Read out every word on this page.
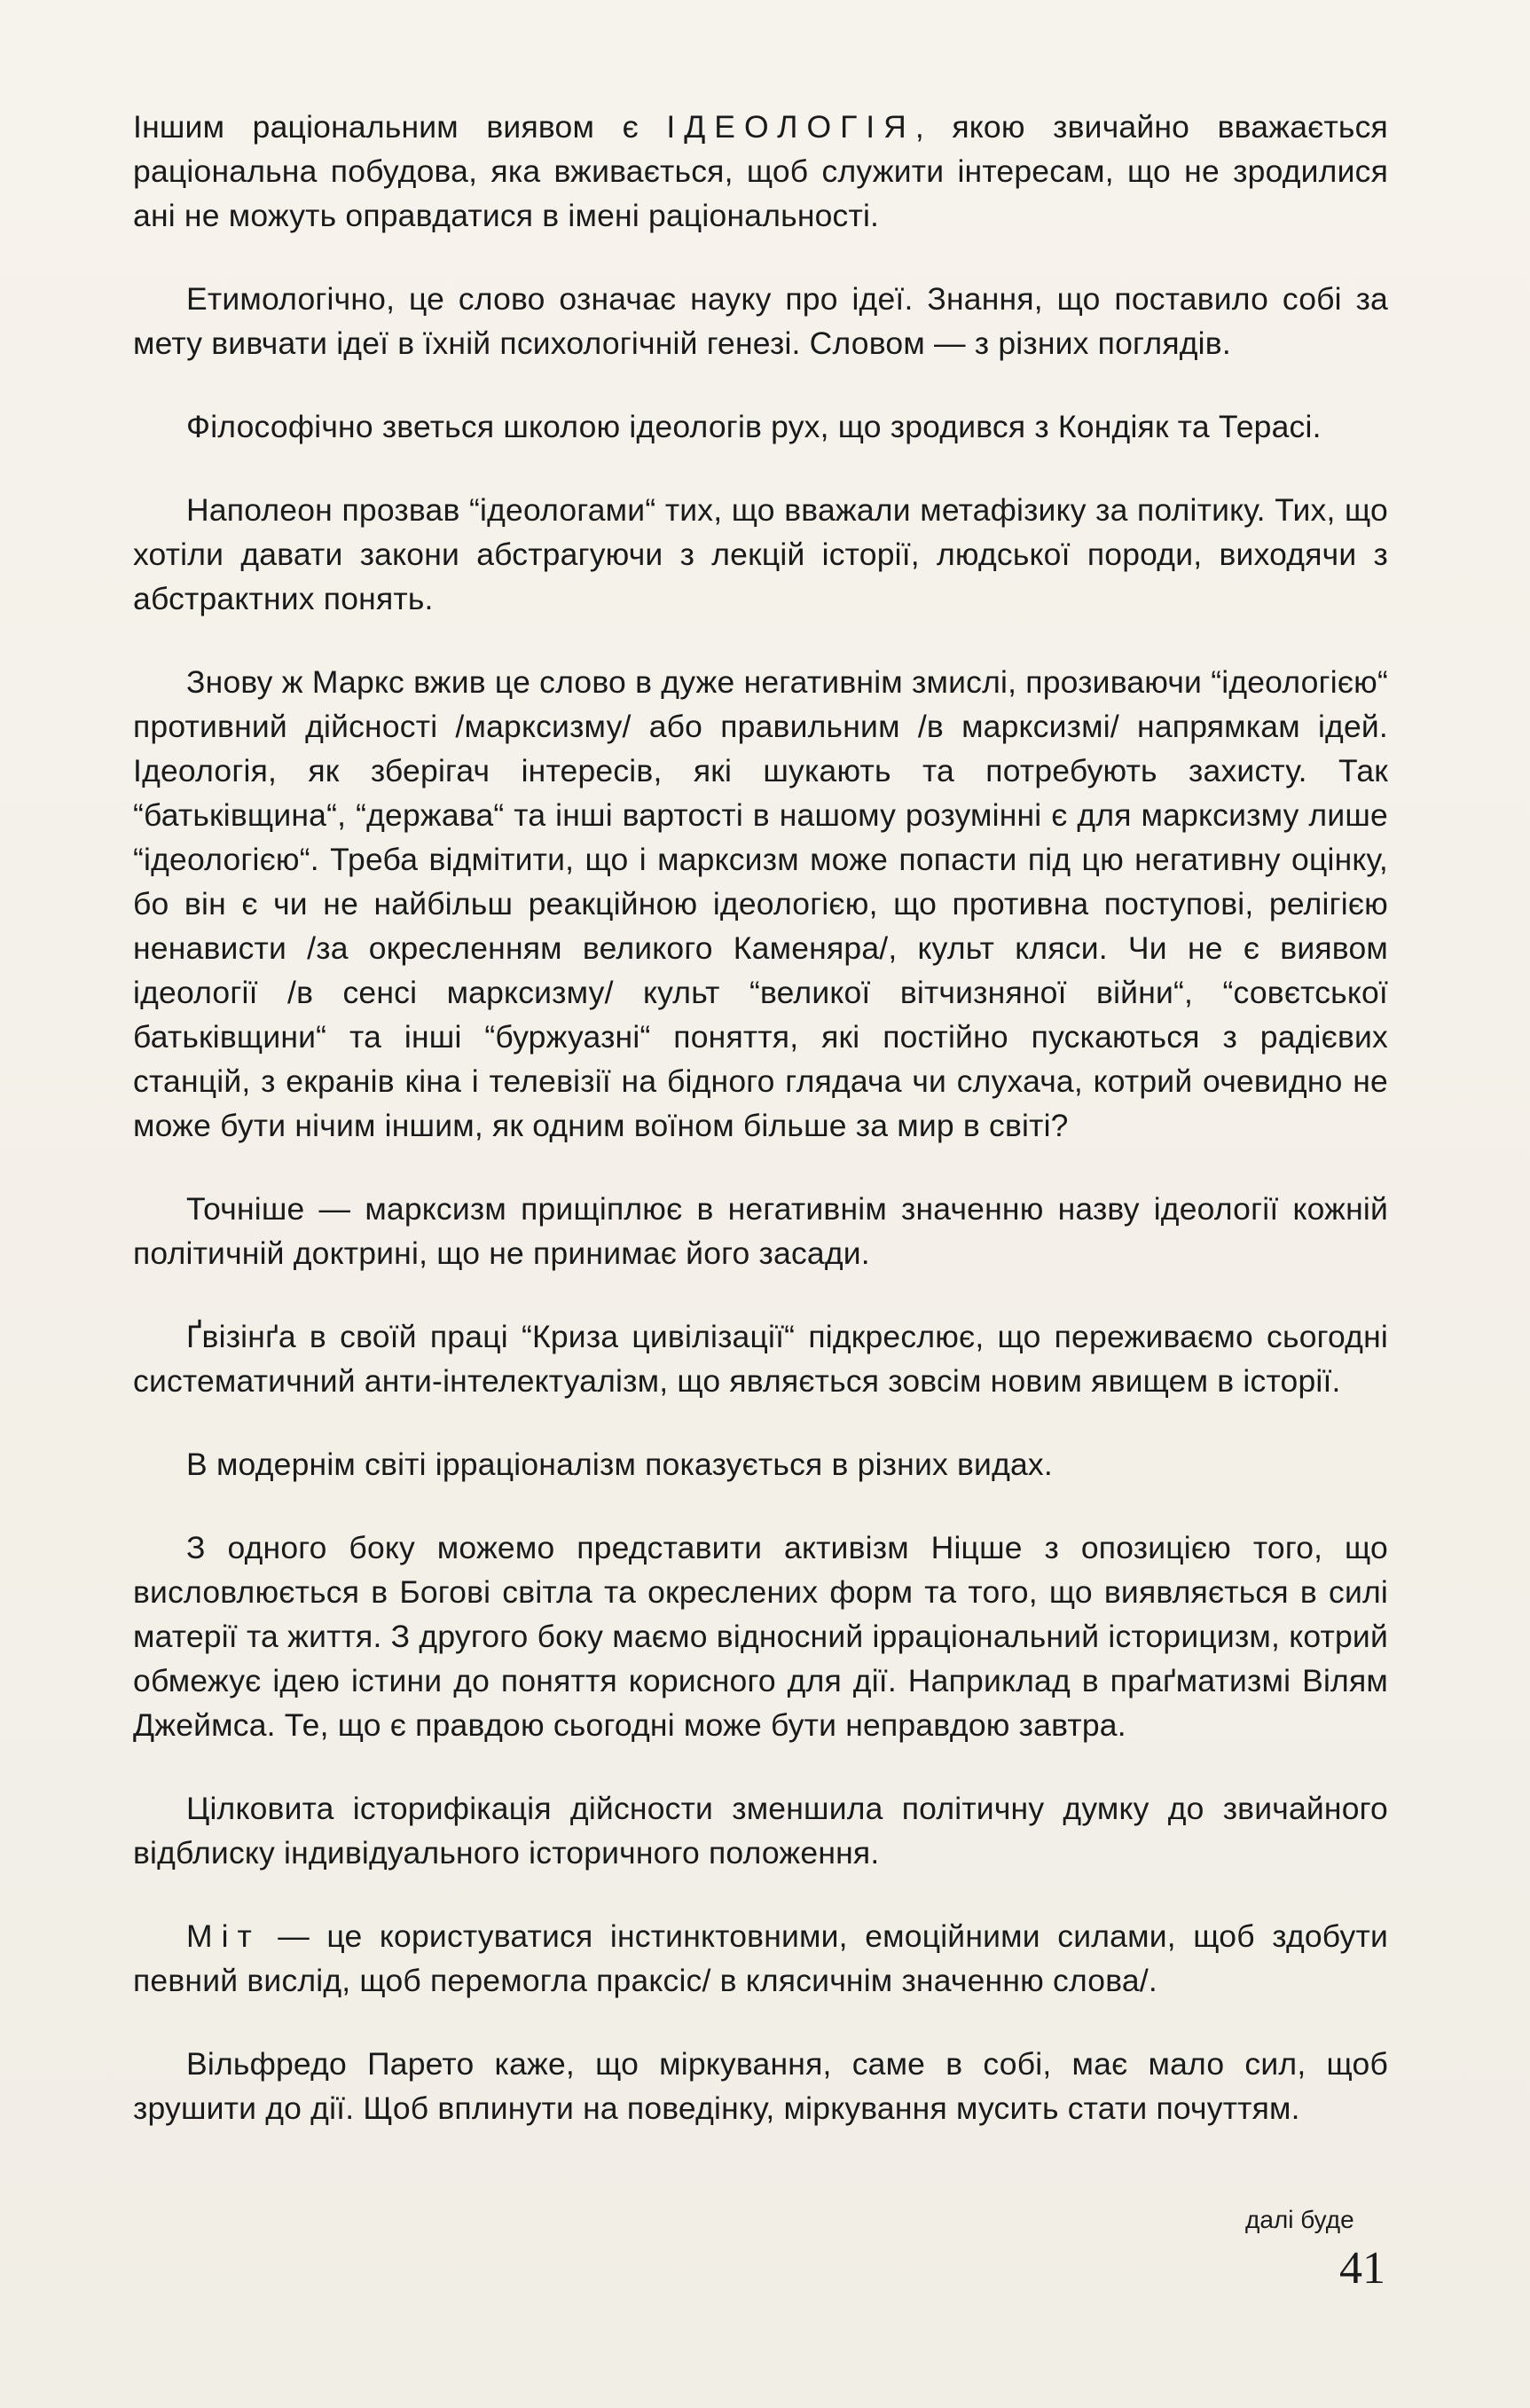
Іншим раціональним виявом є ІДЕОЛОГІЯ, якою звичайно вважається раціональна побудова, яка вживається, щоб служити інтересам, що не зродилися ані не можуть оправдатися в імені раціональності.

Етимологічно, це слово означає науку про ідеї. Знання, що поставило собі за мету вивчати ідеї в їхній психологічній генезі. Словом — з різних поглядів.

Філософічно зветься школою ідеологів рух, що зродився з Кондіяк та Терасі.

Наполеон прозвав “ідеологами“ тих, що вважали метафізику за політику. Тих, що хотіли давати закони абстрагуючи з лекцій історії, людської породи, виходячи з абстрактних понять.

Знову ж Маркс вжив це слово в дуже негативнім змислі, прозиваючи “ідеологією“ противний дійсності /марксизму/ або правильним /в марксизмі/ напрямкам ідей. Ідеологія, як зберігач інтересів, які шукають та потребують захисту. Так “батьківщина“, “держава“ та інші вартості в нашому розумінні є для марксизму лише “ідеологією“. Треба відмітити, що і марксизм може попасти під цю негативну оцінку, бо він є чи не найбільш реакційною ідеологією, що противна поступові, релігією ненависти /за окресленням великого Каменяра/, культ кляси. Чи не є виявом ідеології /в сенсі марксизму/ культ “великої вітчизняної війни“, “совєтської батьківщини“ та інші “буржуазні“ поняття, які постійно пускаються з радієвих станцій, з екранів кіна і телевізії на бідного глядача чи слухача, котрий очевидно не може бути нічим іншим, як одним воїном більше за мир в світі?

Точніше — марксизм прищіплює в негативнім значенню назву ідеології кожній політичній доктрині, що не принимає його засади.

Ґвізінґа в своїй праці “Криза цивілізації“ підкреслює, що переживаємо сьогодні систематичний анти-інтелектуалізм, що являється зовсім новим явищем в історії.

В модернім світі ірраціоналізм показується в різних видах.

З одного боку можемо представити активізм Ніцше з опозицією того, що висловлюється в Богові світла та окреслених форм та того, що виявляється в силі матерії та життя. З другого боку маємо відносний ірраціональний історицизм, котрий обмежує ідею істини до поняття корисного для дії. Наприклад в праґматизмі Вілям Джеймса. Те, що є правдою сьогодні може бути неправдою завтра.

Цілковита історифікація дійсности зменшила політичну думку до звичайного відблиску індивідуального історичного положення.

Міт — це користуватися інстинктовними, емоційними силами, щоб здобути певний вислід, щоб перемогла праксіс/ в клясичнім значенню слова/.

Вільфредо Парето каже, що міркування, саме в собі, має мало сил, щоб зрушити до дії. Щоб вплинути на поведінку, міркування мусить стати почуттям.

далі буде
41
